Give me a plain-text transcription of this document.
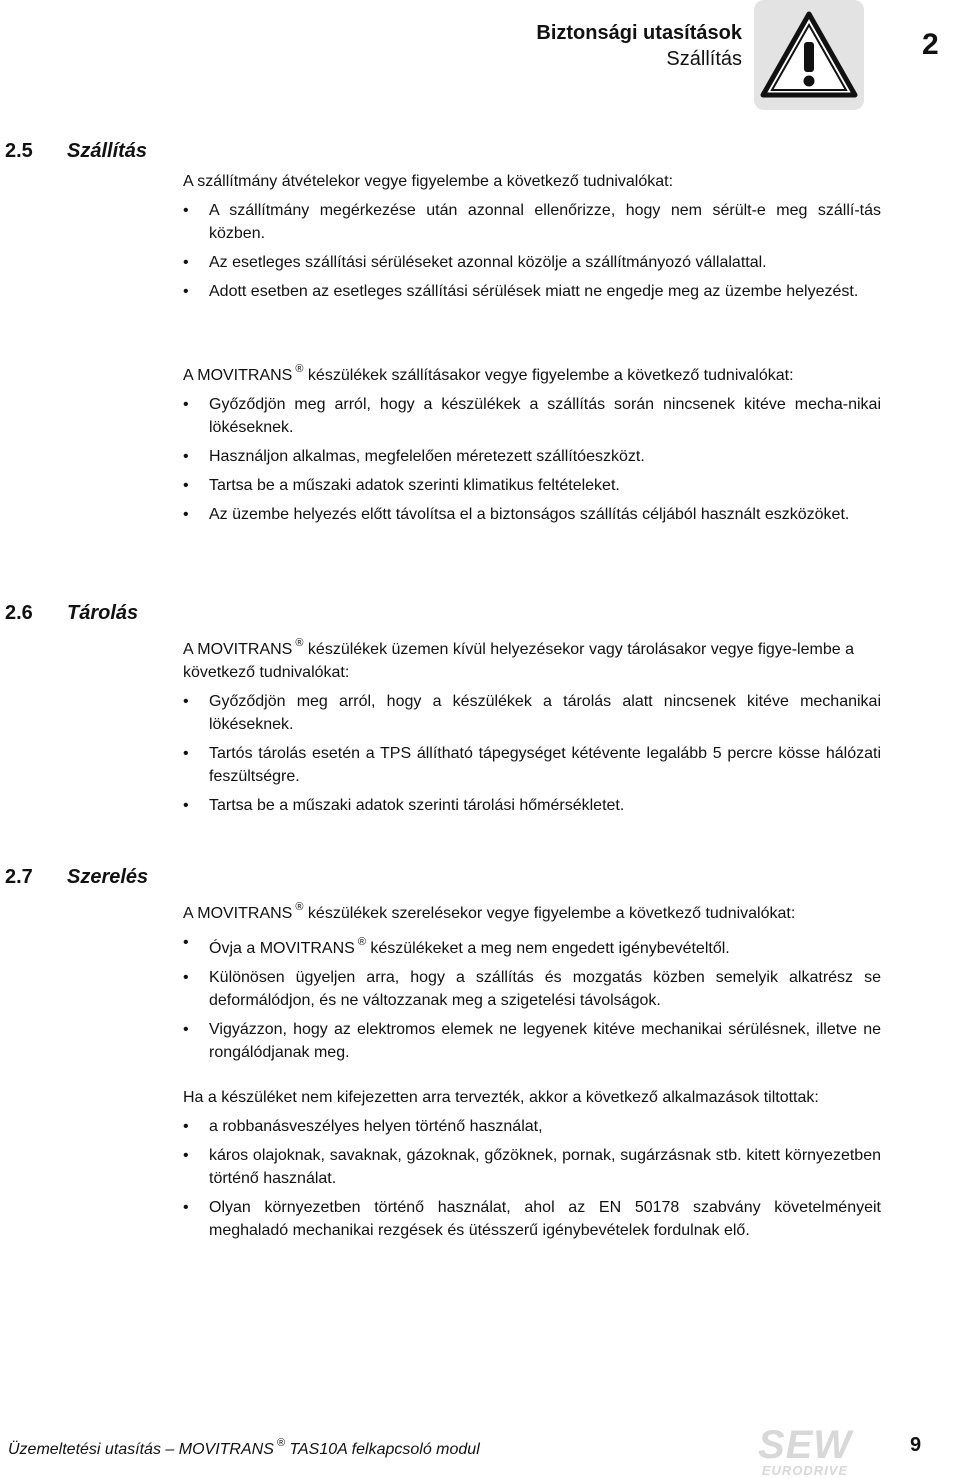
Biztonsági utasítások
Szállítás	2
2.5 Szállítás

A szállítmány átvételekor vegye figyelembe a következő tudnivalókat:

• A szállítmány megérkezése után azonnal ellenőrizze, hogy nem sérült-e meg szállí-tás közben.
• Az esetleges szállítási sérüléseket azonnal közölje a szállítmányozó vállalattal.
• Adott esetben az esetleges szállítási sérülések miatt ne engedje meg az üzembe helyezést.

A MOVITRANS ® készülékek szállításakor vegye figyelembe a következő tudnivalókat:

• Győződjön meg arról, hogy a készülékek a szállítás során nincsenek kitéve mecha-nikai lökéseknek.
• Használjon alkalmas, megfelelően méretezett szállítóeszközt.
• Tartsa be a műszaki adatok szerinti klimatikus feltételeket.
• Az üzembe helyezés előtt távolítsa el a biztonságos szállítás céljából használt eszközöket.
2.6 Tárolás

A MOVITRANS ® készülékek üzemen kívül helyezésekor vagy tárolásakor vegye figye-lembe a következő tudnivalókat:

• Győződjön meg arról, hogy a készülékek a tárolás alatt nincsenek kitéve mechanikai lökéseknek.
• Tartós tárolás esetén a TPS állítható tápegységet kétévente legalább 5 percre kösse hálózati feszültségre.
• Tartsa be a műszaki adatok szerinti tárolási hőmérsékletet.
2.7 Szerelés

A MOVITRANS ® készülékek szerelésekor vegye figyelembe a következő tudnivalókat:

• Óvja a MOVITRANS ® készülékeket a meg nem engedett igénybevételtől.
• Különösen ügyeljen arra, hogy a szállítás és mozgatás közben semelyik alkatrész se deformálódjon, és ne változzanak meg a szigetelési távolságok.
• Vigyázzon, hogy az elektromos elemek ne legyenek kitéve mechanikai sérülésnek, illetve ne rongálódjanak meg.

Ha a készüléket nem kifejezetten arra tervezték, akkor a következő alkalmazások tiltottak:

• a robbanásveszélyes helyen történő használat,
• káros olajoknak, savaknak, gázoknak, gőzöknek, pornak, sugárzásnak stb. kitett környezetben történő használat.
• Olyan környezetben történő használat, ahol az EN 50178 szabvány követelményeit meghaladó mechanikai rezgések és ütésszerű igénybevételek fordulnak elő.
Üzemeltetési utasítás – MOVITRANS ® TAS10A felkapcsoló modul	SEW
EURODRIVE
9
